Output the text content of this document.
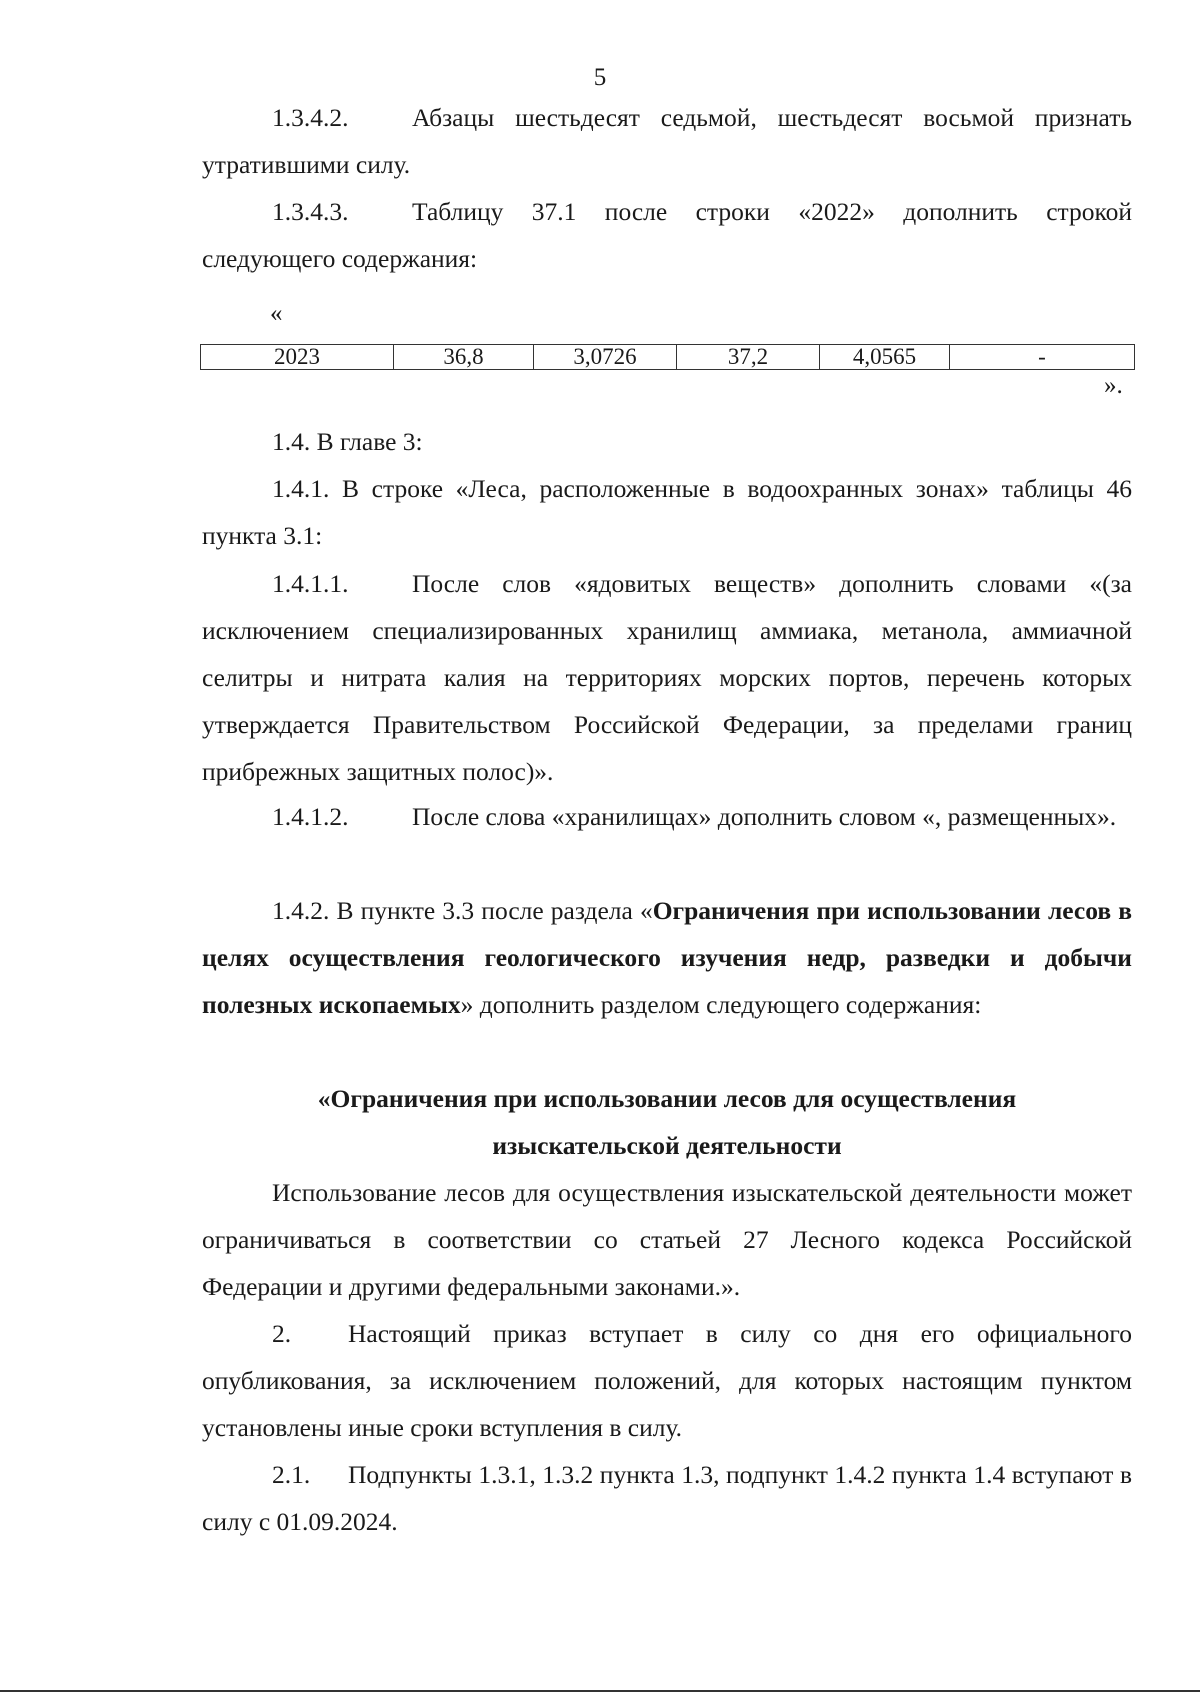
5
1.3.4.2. Абзацы шестьдесят седьмой, шестьдесят восьмой признать утратившими силу.
1.3.4.3. Таблицу 37.1 после строки «2022» дополнить строкой следующего содержания:
«
2023	36,8	3,0726	37,2	4,0565	-
».
1.4. В главе 3:
1.4.1. В строке «Леса, расположенные в водоохранных зонах» таблицы 46 пункта 3.1:
1.4.1.1. После слов «ядовитых веществ» дополнить словами «(за исключением специализированных хранилищ аммиака, метанола, аммиачной селитры и нитрата калия на территориях морских портов, перечень которых утверждается Правительством Российской Федерации, за пределами границ прибрежных защитных полос)».
1.4.1.2. После слова «хранилищах» дополнить словом «, размещенных».
1.4.2. В пункте 3.3 после раздела «Ограничения при использовании лесов в целях осуществления геологического изучения недр, разведки и добычи полезных ископаемых» дополнить разделом следующего содержания:
«Ограничения при использовании лесов для осуществления
изыскательской деятельности
Использование лесов для осуществления изыскательской деятельности может ограничиваться в соответствии со статьей 27 Лесного кодекса Российской Федерации и другими федеральными законами.».
2. Настоящий приказ вступает в силу со дня его официального опубликования, за исключением положений, для которых настоящим пунктом установлены иные сроки вступления в силу.
2.1. Подпункты 1.3.1, 1.3.2 пункта 1.3, подпункт 1.4.2 пункта 1.4 вступают в силу с 01.09.2024.
